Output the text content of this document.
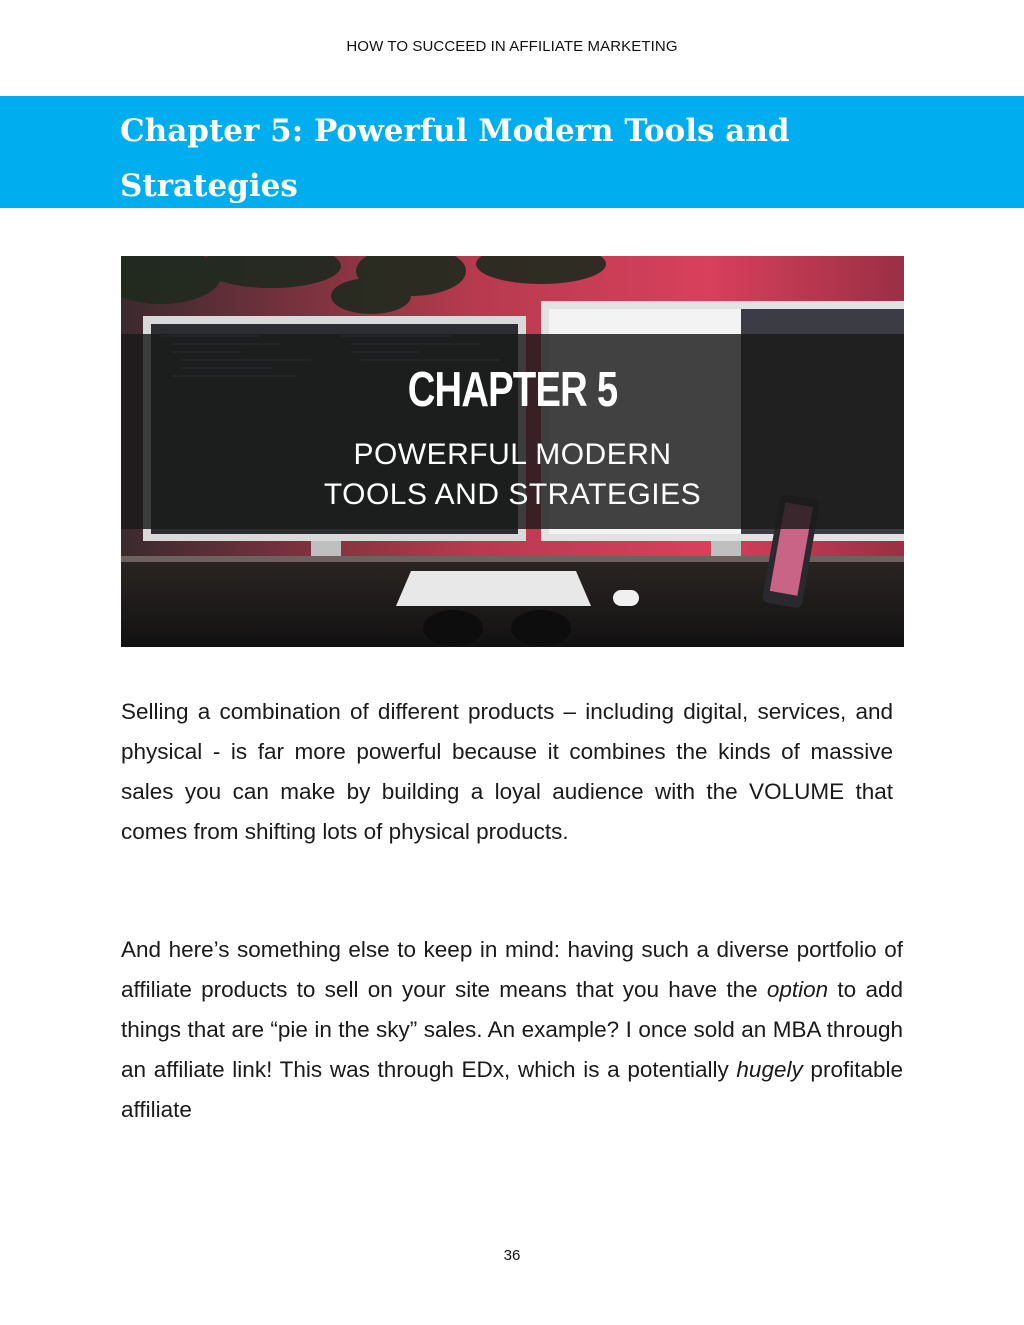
HOW TO SUCCEED IN AFFILIATE MARKETING
Chapter 5: Powerful Modern Tools and
Strategies
CHAPTER 5
POWERFUL MODERN
TOOLS AND STRATEGIES

Selling a combination of different products – including digital, services, and physical - is far more powerful because it combines the kinds of massive sales you can make by building a loyal audience with the VOLUME that comes from shifting lots of physical products.

And here’s something else to keep in mind: having such a diverse portfolio of affiliate products to sell on your site means that you have the option to add things that are “pie in the sky” sales. An example? I once sold an MBA through an affiliate link! This was through EDx, which is a potentially hugely profitable affiliate

36
